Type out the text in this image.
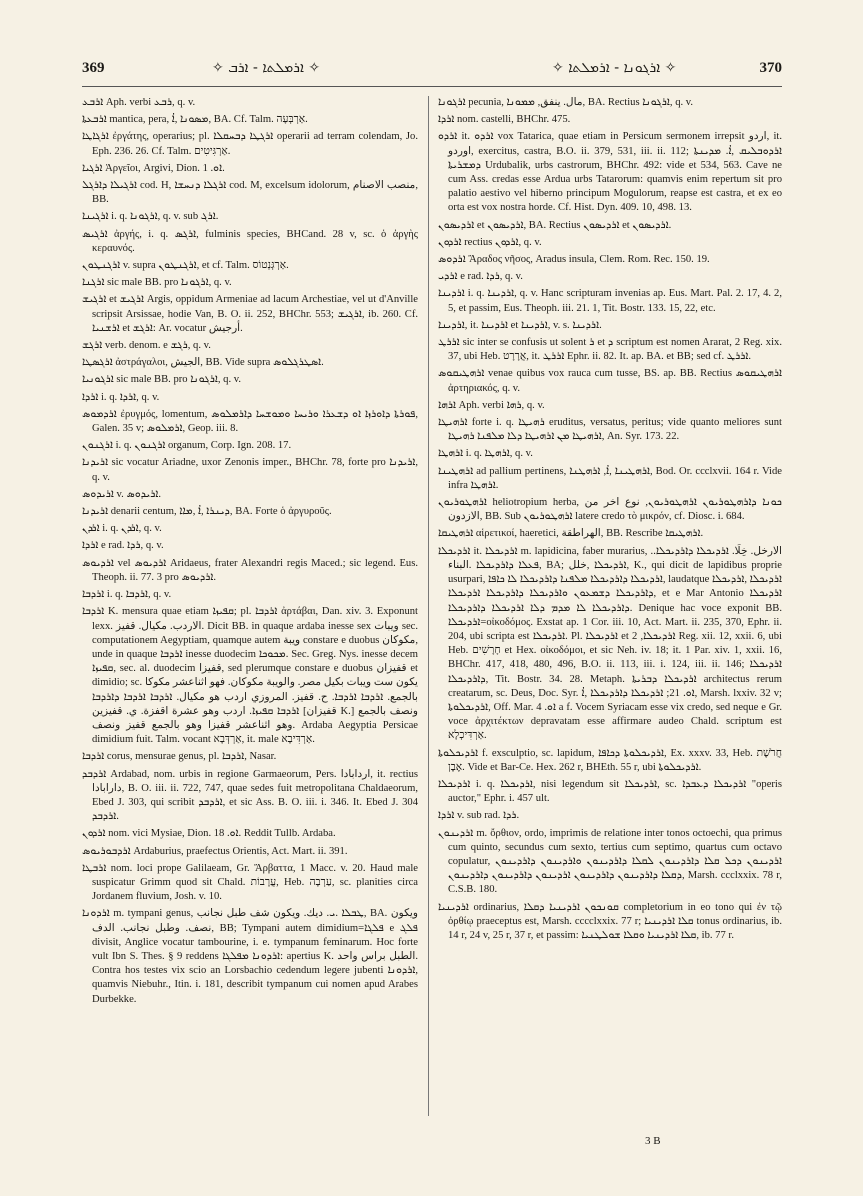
369	✧ ܐܪܡܠܬܐ - ܐܪܒ ✧	✧ ܐܪܓܘܢܐ - ܐܪܡܠܬܐ ✧	370

ܐܪܒܥ Aph. verbi ܪܒܥ, q. v.

ܐܪܒܥܬܐ mantica, pera, ܡܣܘܢܐ ,ܐܳ, BA. Cf. Talm. אַרְבְּעָה.

ܐܪܓܐܛܐ ἐργάτης, operarius; pl. ܐܪܓܛܐ ܕܒܚܩܠܐ operarii ad terram colendam, Jo. Eph. 236. 26. Cf. Talm. אַרְגִּיטִים.

ܐܪܓܝܐ Ἀργεῖοι, Argivi, Dion. ܐܘ. 1.

ܐܪܓܝܠܐ ܕܐܪܓܠ cod. H, ܐܪܓܠܐ ܕܢܚܫܐ cod. M, excelsum idolorum, منصب الاصنام, BB.

ܐܪܓܝܢܐ i. q. ܐܪܓܘܢܐ, q. v. sub ܐܪܓ.

ܐܪܓܝܣ ἀργής, i. q. ܐܪܓܣ, fulminis species, BHCand. 28 v, sc. ὁ ἀργὴς κεραυνός.

ܐܪܓܢܛܘܢ v. supra ܐܪܓܢܛܘܢ, et cf. Talm. אַרְגְּנְטוֹס.

ܐܪܓܢܐ sic male BB. pro ܐܪܓܘܢܐ, q. v.

ܐܪܓܝܫ et ܐܪܓܝܫ Argis, oppidum Armeniae ad lacum Archestiae, vel ut d'Anville scripsit Arsissae, hodie Van, B. O. ii. 252, BHChr. 553; ܐܪܓܝܫ, ib. 260. Cf. ܐܪܫܢܝܐ et ܐܪܓܫ: Ar. vocatur أرجيش.

ܐܪܓܫ verb. denom. e ܪܓܫ, q. v.

ܐܪܓܣܛܐ ἀστράγαλοι, الجيش, BB. Vide supra ܐܣܛܪܓܠܘܣ.

ܐܪܓܘܢܝܐ sic male BB. pro ܐܪܓܘܢܐ, q. v.

ܐܪܕܐ i. q. ܐܪܕܐ, q. v.

ܐܪܕܡܘܣ ἐρυγμός, lomentum, ܦܘܪܬܐ ܕܐܘܪܙܐ ܐܘ ܕܫܥܪܐ ܘܪܝܚܐ ܘܡܘܫܚܐ ܕܐܪܡܠܘܣ, Galen. 35 v; ܐܪܡܠܘܣ, Geop. iii. 8.

ܐܪܓܢܘܢ i. q. ܐܪܓܢܘܢ organum, Corp. Ign. 208. 17.

ܐܪܝܕܢܐ sic vocatur Ariadne, uxor Zenonis imper., BHChr. 78, forte pro ܐܪܝܕܢܐ, q. v.

ܐܪܝܕܘܣ v. ܐܪܝܕܘܣ.

ܐܪܝܕܢܐ denarii centum, ܕܝܢܪܐ ,ܐܳ ,ܡܐܐ, BA. Forte ὁ ἀργυροῦς.

ܐܪܕܢ i. q. ܐܪܕܢ, q. v.

ܐܪܕܐ e rad. ܪܕܐ, q. v.

ܐܪܕܝܘܣ vel ܐܪܕܝܘܣ Aridaeus, frater Alexandri regis Maced.; sic legend. Eus. Theoph. ii. 77. 3 pro ܐܪܕܝܘܣ.

ܐܪܕܒܐ i. q. ܐܪܕܒܐ, q. v.

ܐܪܕܒܐ K. mensura quae etiam ܩܦܝܙܐ; pl. ܐܪܕܒܐ ἀρτάβαι, Dan. xiv. 3. Exponunt lexx. الاردب. مكيال. قفيز. Dicit BB. in quaque ardaba inesse sex ويبات sec. computationem Aegyptiam, quamque autem ويبة constare e duobus مكوكان, unde in quaque ܐܪܕܒܐ inesse duodecim ܡܟܘܟܐ. Sec. Greg. Nys. inesse decem ܩܦܝܙܐ, sec. al. duodecim قفيزا, sed plerumque constare e duobus قفيزان et dimidio; sc. يكون ست ويبات بكيل مصر. والويبة مكوكان. فهو اثناعشر مكوكا بالجمع. ܐܪܕܒܐ ܐܪܕܒܐ. ح. قفيز. المروزي اردب هو مكيال. ܐܪܕܒܐ ܐܪܕܒܐ ܕܐܪܕܒܐ ܐܪܕܒܐ ܩܦܝܙܐ. اردب وهو عشرة اقفزة. ي. قفيزين [قفيزان K.] ونصف بالجمع وهو اثناعشر قفيزا وهو بالجمع قفيز ونصف. Ardaba Aegyptia Persicae dimidium fuit. Talm. vocant אַרְדְּבָא, it. male אַרְדִּיבָא.

ܐܪܕܒܐ corus, mensurae genus, pl. ܐܪܕܒܐ, Nasar.

ܐܪܕܒܕ Ardabad, nom. urbis in regione Garmaeorum, Pers. اردابادا, it. rectius دارابادا, B. O. iii. ii. 722, 747, quae sedes fuit metropolitana Chaldaeorum, Ebed J. 303, qui scribit ܐܪܕܒܕ, et sic Ass. B. O. iii. i. 346. It. Ebed J. 304 ܐܪܕܒܕ.

ܐܪܕܘܢ nom. vici Mysiae, Dion. ܐܘ. 18. Reddit Tullb. Ardaba.

ܐܪܕܒܘܪܝܘܣ Ardaburius, praefectus Orientis, Act. Mart. ii. 391.

ܐܪܒܛܐ nom. loci prope Galilaeam, Gr. Ἄρβαττα, 1 Macc. v. 20. Haud male suspicatur Grimm quod sit Chald. עֲרָבוֹת, Heb. עַרְבָה, sc. planities circa Jordanem fluvium, Josh. v. 10.

ܐܪܕܘܢܐ m. tympani genus, ܛܒܠܐ .ܝ. ديك. ويكون شف طبل نجانب, BA. ويكون نصف. وطبل نجانب. الدف, BB; Tympani autem dimidium=ܦܠܓܐ e ܦܠܓ divisit, Anglice vocatur tambourine, i. e. tympanum feminarum. Hoc forte vult Ibn S. Thes. § 9 reddens ܐܪܕܘܢܐ ܡܦܠܓܐ: apertius K. الطبل براس واحد. Contra hos testes vix scio an Lorsbachio cedendum legere jubenti ܐܪܕܘܢܐ, quamvis Niebuhr., Itin. i. 181, describit tympanum cui nomen apud Arabes Durbekke.

ܐܪܓܘܢܐ pecunia, مال. ينفق, ܡܡܘܢܐ, BA. Rectius ܐܪܓܘܢܐ, q. v.

ܐܪܕܐ nom. castelli, BHChr. 475.

ܐܪܕܘ it. ܐܪܕܘ vox Tatarica, quae etiam in Persicum sermonem irrepsit اردو, it. اوردو, exercitus, castra, B.O. ii. 379, 531, iii. ii. 112; ܐܪܕܘܒܠܝܩ ,ܐܳ. ܡܕܝܢܬܐ ܕܡܫܪܝܬܐ Urdubalik, urbs castrorum, BHChr. 492: vide et 534, 563. Cave ne cum Ass. credas esse Ardua urbs Tatarorum: quamvis enim repertum sit pro palatio aestivo vel hiberno principum Mogulorum, reapse est castra, et ex eo orta est vox nostra horde. Cf. Hist. Dyn. 409. 10, 498. 13.

ܐܪܕܝܣܘܢ et ܐܪܕܝܣܘܢ, BA. Rectius ܐܪܕܝܣܘܢ et ܐܪܕܝܣܘܢ.

ܐܪܕܘܢ rectius ܐܪܕܘܢ, q. v.

ܐܪܕܘܣ Ἄραδος νῆσος, Aradus insula, Clem. Rom. Rec. 150. 19.

ܐܪܕܝ e rad. ܪܕܐ, q. v.

ܐܪܕܝܢܐ i. q. ܐܪܕܝܢܐ, q. v. Hanc scripturam invenias ap. Eus. Mart. Pal. 2. 17, 4. 2, 5, et passim, Eus. Theoph. iii. 21. 1, Tit. Bostr. 133. 15, 22, etc.

ܐܪܕܝܢܐ, it. ܐܪܕܝܢܐ et ܐܪܕܝܢܐ, v. s. ܐܪܕܝܢܐ.

ܐܪܪܛ sic inter se confusis ut solent ܪ et ܕ scriptum est nomen Ararat, 2 Reg. xix. 37, ubi Heb. אֲרָרָט, it. ܐܪܪܛ Ephr. ii. 82. It. ap. BA. et BB; sed cf. ܐܪܪܛ.

ܐܪܗܛܝܩܘܣ venae quibus vox rauca cum tusse, BS. ap. BB. Rectius ܐܪܗܛܝܩܘܣ ἀρτηριακός, q. v.

ܐܪܗܐ Aph. verbi ܪܗܐ, q. v.

ܐܪܗܝܛܐ forte i. q. ܪܗܝܛܐ eruditus, versatus, peritus; vide quanto meliores sunt ܐܪܗܝܛܐ ܡܢ ܐܪܗܝܛܐ ܕܠܐ ܡܠܦܢܐ ܪܗܝܛܐ, An. Syr. 173. 22.

ܐܪܗܛܐ i. q. ܐܪܗܛܐ, q. v.

ܐܪܗܛܝܢܐ ad pallium pertinens, ܐܪܗܛܝܢܐ ,ܐܳ, ܐܪܗܛܢܐ, Bod. Or. ccclxvii. 164 r. Vide infra ܐܪܗܛܐ.

ܐܪܗܛܘܪܝܘܢ heliotropium herba, ܟܘܢܐ ܕܐܪܗܛܘܪܝܘܢ ܐܪܗܛܘܪܝܘܢ, نوع اخر من الازدون, BB. Sub ܐܪܗܛܘܪܝܘܢ latere credo τὸ μικρόν, cf. Diosc. i. 684.

ܐܪܗܛܝܩܐ αἱρετικοί, haeretici, الهراطقة, BB. Rescribe ܐܪܗܛܝܩܐ.

ܐܪܕܝܟܠܐ it. ܐܪܕܝܟܠܐ m. lapidicina, faber murarius, .الارخل. خِلَا. ܐܪܕܝܟܠܐ ܕܐܪܕܝܟܠܐ. ܦܥܠܐ ܕܐܪܕܝܟܠܐ .البناء, BA; ܐܪܕܝܟܠܐ ,خلل, K., qui dicit de lapidibus proprie usurpari, ܐܪܕܝܟܠܐ ܕܐܪܕܝܟܠܐ ܡܠܦܢܐ ܕܐܪܕܝܟܠܐ ܠܐ ܟܐܦܐ, laudatque ܐܪܕܝܟܠܐ ,ܐܪܕܝܟܠܐ ܕܐܪܕܝܟܠܐ ܕܫܡܥܘܢ ܘܐܪܕܝܟܠܐ ܕܐܪܕܝܟܠܐ ܐܪܕܝܟܠܐ, et e Mar Antonio ܐܪܕܝܟܠܐ ܕܐܪܕܝܟܠܐ ܠܐ ܡܕܡ ܕܠܐ ܐܪܕܝܟܠܐ ܕܐܪܕܝܟܠܐ. Denique hac voce exponit BB. ܐܪܕܝܟܠܐ=οἰκοδόμος. Exstat ap. 1 Cor. iii. 10, Act. Mart. ii. 235, 370, Ephr. ii. 204, ubi scripta est ܐܪܕܝܟܠܐ. Pl. ܐܪܕܝܟܠܐ et ܐܪܕܝܟܠܐ, 2 Reg. xii. 12, xxii. 6, ubi Heb. חָרָשִׁים et Hex. οἰκοδόμοι, et sic Neh. iv. 18; it. 1 Par. xiv. 1, xxii. 16, BHChr. 417, 418, 480, 496, B.O. ii. 113, iii. i. 124, iii. ii. 146; ܐܪܕܝܟܠܐ ܕܐܪܕܝܟܠܐ, Tit. Bostr. 34. 28. Metaph. ܐܪܕܝܟܠܐ ܕܒܪܝܬܐ architectus rerum creatarum, sc. Deus, Doc. Syr. ܐܘ. 21; ܐܪܕܝܟܠܐ ܕܐܪܕܝܟܠܐ ,ܐܳ, Marsh. lxxiv. 32 v; ܐܪܕܝܟܠܘܬܐ, Off. Mar. ܐܘ. 4 a f. Vocem Syriacam esse vix credo, sed neque e Gr. voce ἀρχιτέκτων depravatam esse affirmare audeo Chald. scriptum est אַרְדִּיכְלָא.

ܐܪܕܝܟܠܘܬܐ f. exsculptio, sc. lapidum, ܐܪܕܝܟܠܘܬܐ ܕܟܐܦܐ, Ex. xxxv. 33, Heb. חֲרֹשֶׁת אֶבֶן. Vide et Bar-Ce. Hex. 262 r, BHEth. 55 r, ubi ܐܪܕܝܟܠܘܬܐ.

ܐܪܕܝܟܠܐ i. q. ܐܪܕܝܟܠܐ, nisi legendum sit ܐܪܕܝܟܠܐ, sc. ܐܪܕܝܟܠܐ ܕܥܒܕܐ "operis auctor," Ephr. i. 457 ult.

ܐܪܕܐ v. sub rad. ܪܕܐ.

ܐܪܕܝܢܘܢ m. ὄρθιον, ordo, imprimis de relatione inter tonos octoechi, qua primus cum quinto, secundus cum sexto, tertius cum septimo, quartus cum octavo copulatur, ܐܪܕܝܢܘܢ ܕܟܠ ܩܠܐ ܕܐܪܕܝܢܘܢ ܠܩܠܐ ܕܐܪܕܝܢܘܢ ܘܐܪܕܝܢܘܢ ܕܐܪܕܝܢܘܢ ܕܩܠܐ ܕܐܪܕܝܢܘܢ ܕܐܪܕܝܢܘܢ ܐܪܕܝܢܘܢ ܕܐܪܕܝܢܘܢ ܕܐܪܕܝܢܘܢ, Marsh. ccclxxix. 78 r, C.S.B. 180.

ܐܪܕܝܢܝܐ ordinarius, ܩܘܢܟܘܢ ܐܪܕܝܢܝܐ ܕܩܠܐ completorium in eo tono qui ἐν τῷ ὀρθίῳ praeceptus est, Marsh. cccclxxix. 77 r; ܩܠܐ ܐܪܕܝܢܝܐ tonus ordinarius, ib. 14 r, 24 v, 25 r, 37 r, et passim: ܩܠܐ ܐܪܕܝܢܝܐ ܘܩܠܐ ܫܘܠܛܢܝܐ, ib. 77 r.

3 B
